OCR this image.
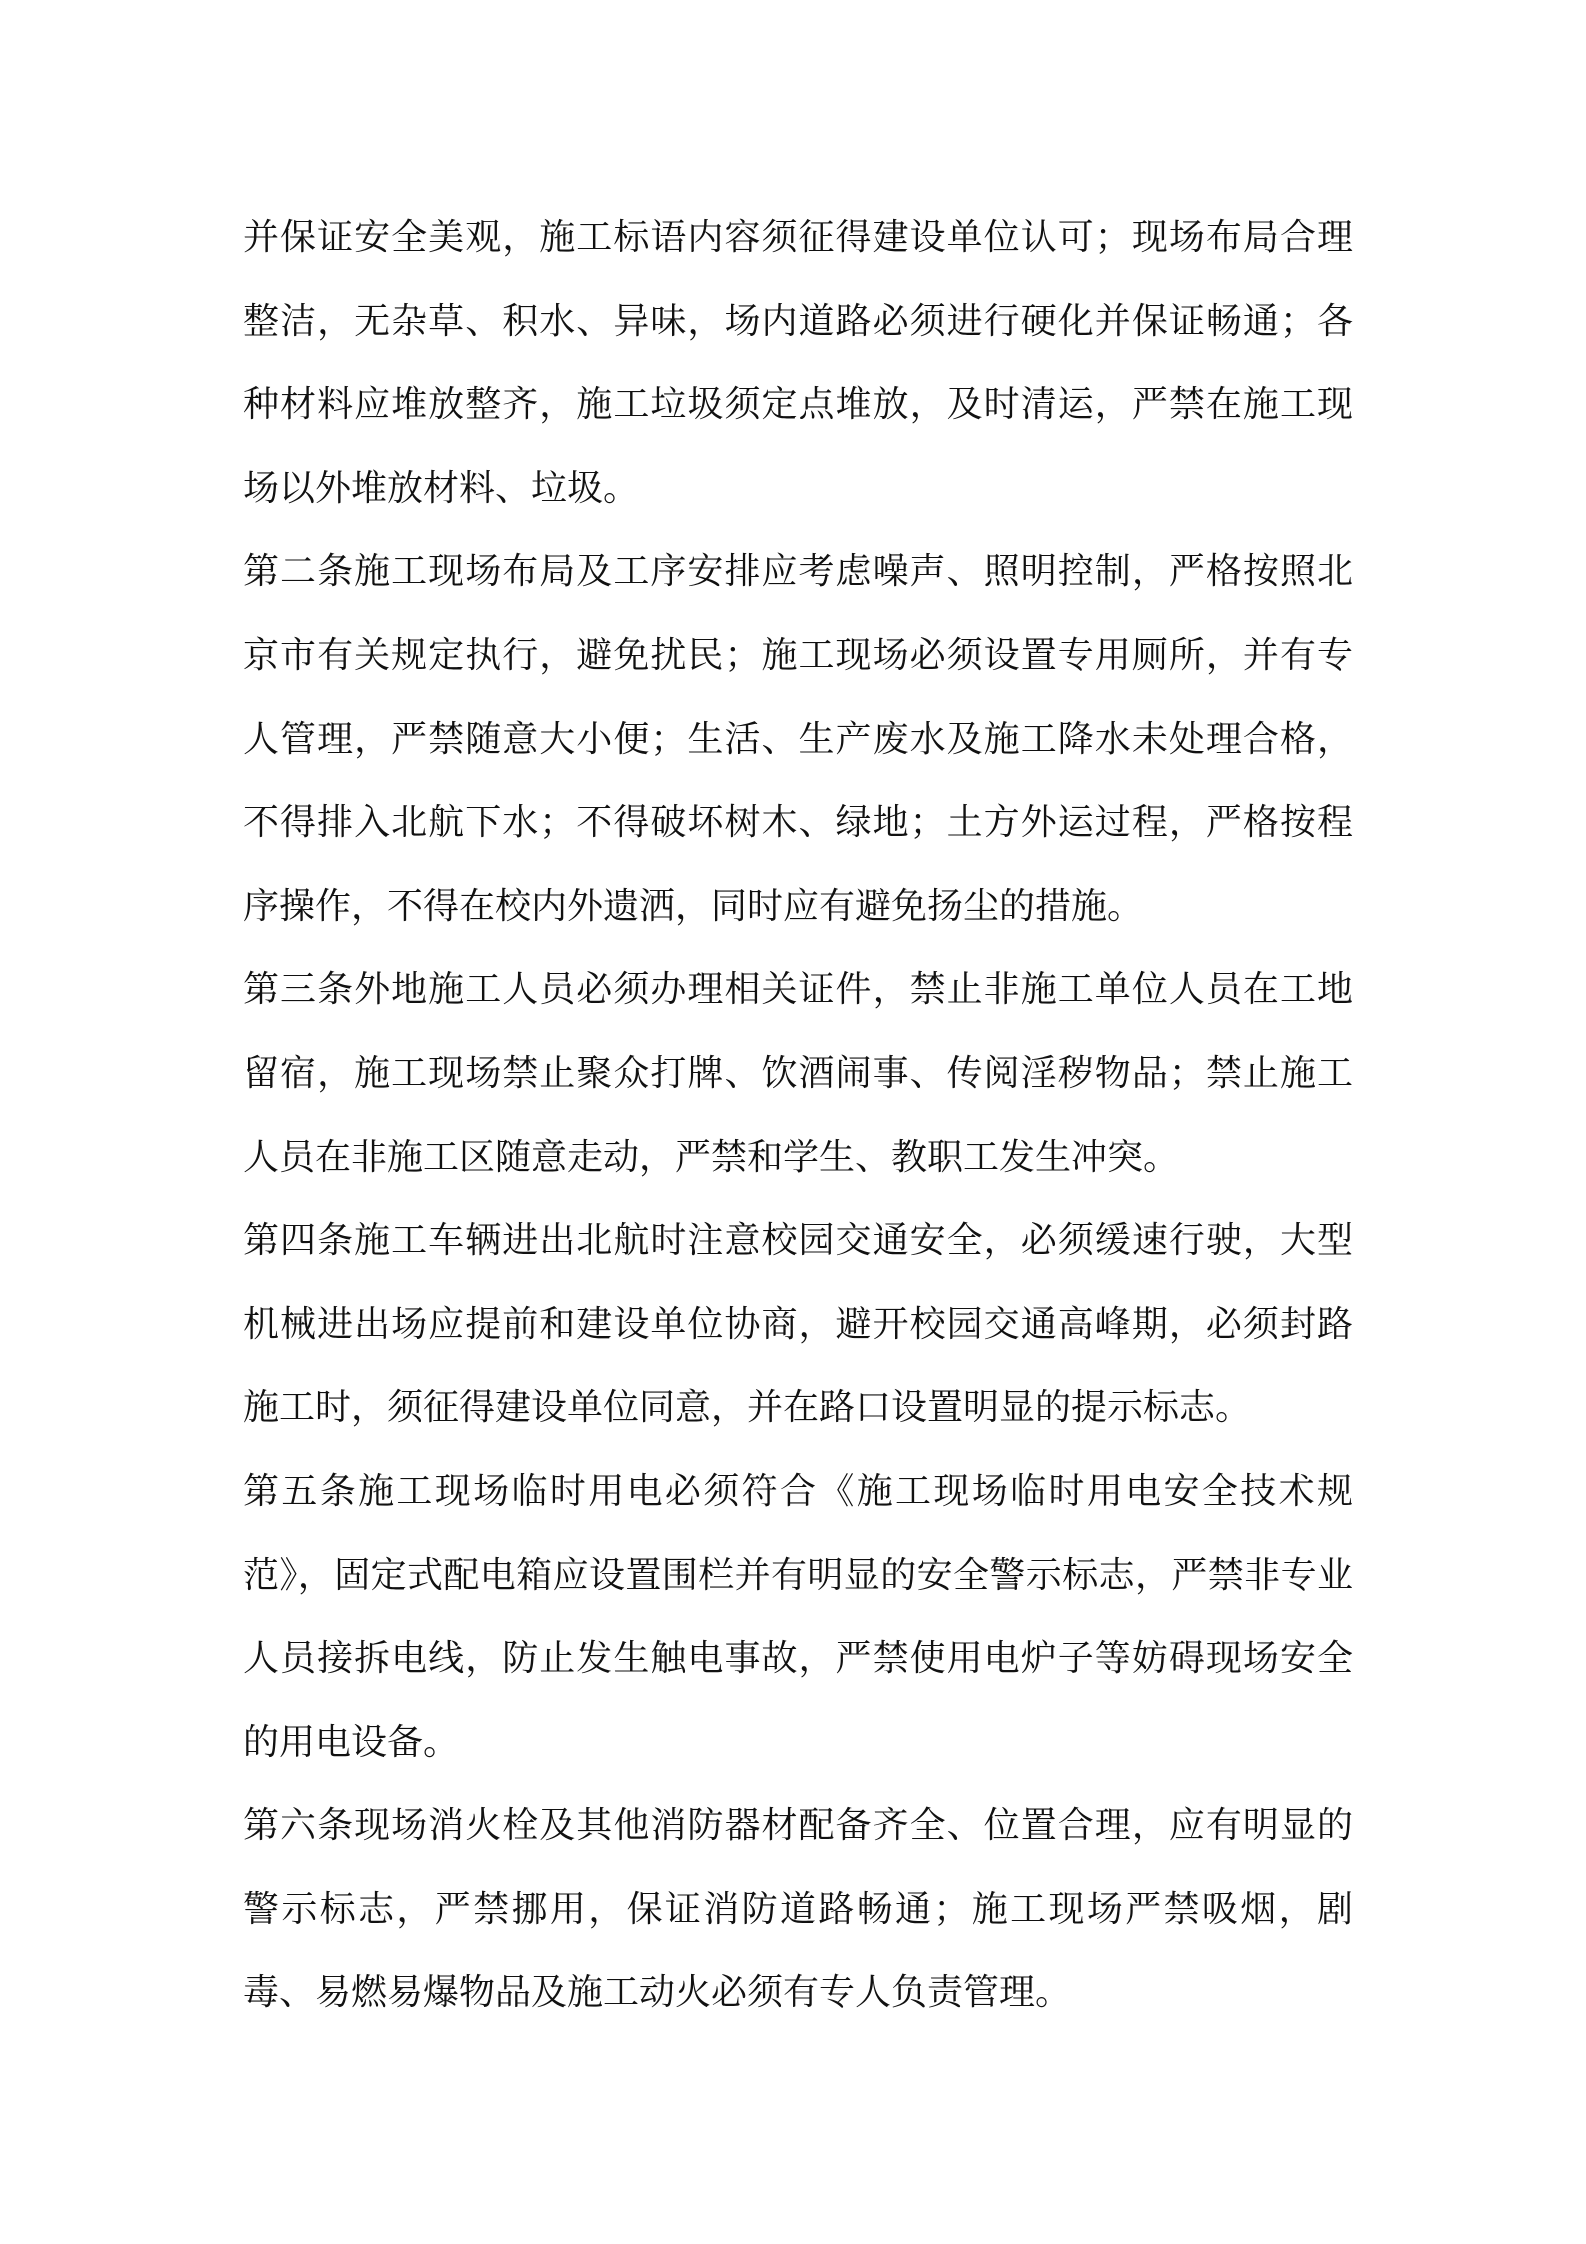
并保证安全美观，施工标语内容须征得建设单位认可；现场布局合理整洁，无杂草、积水、异味，场内道路必须进行硬化并保证畅通；各种材料应堆放整齐，施工垃圾须定点堆放，及时清运，严禁在施工现场以外堆放材料、垃圾。

第二条施工现场布局及工序安排应考虑噪声、照明控制，严格按照北京市有关规定执行，避免扰民；施工现场必须设置专用厕所，并有专人管理，严禁随意大小便；生活、生产废水及施工降水未处理合格，不得排入北航下水；不得破坏树木、绿地；土方外运过程，严格按程序操作，不得在校内外遗洒，同时应有避免扬尘的措施。

第三条外地施工人员必须办理相关证件，禁止非施工单位人员在工地留宿，施工现场禁止聚众打牌、饮酒闹事、传阅淫秽物品；禁止施工人员在非施工区随意走动，严禁和学生、教职工发生冲突。

第四条施工车辆进出北航时注意校园交通安全，必须缓速行驶，大型机械进出场应提前和建设单位协商，避开校园交通高峰期，必须封路施工时，须征得建设单位同意，并在路口设置明显的提示标志。

第五条施工现场临时用电必须符合《施工现场临时用电安全技术规范》，固定式配电箱应设置围栏并有明显的安全警示标志，严禁非专业人员接拆电线，防止发生触电事故，严禁使用电炉子等妨碍现场安全的用电设备。

第六条现场消火栓及其他消防器材配备齐全、位置合理，应有明显的警示标志，严禁挪用，保证消防道路畅通；施工现场严禁吸烟，剧毒、易燃易爆物品及施工动火必须有专人负责管理。
